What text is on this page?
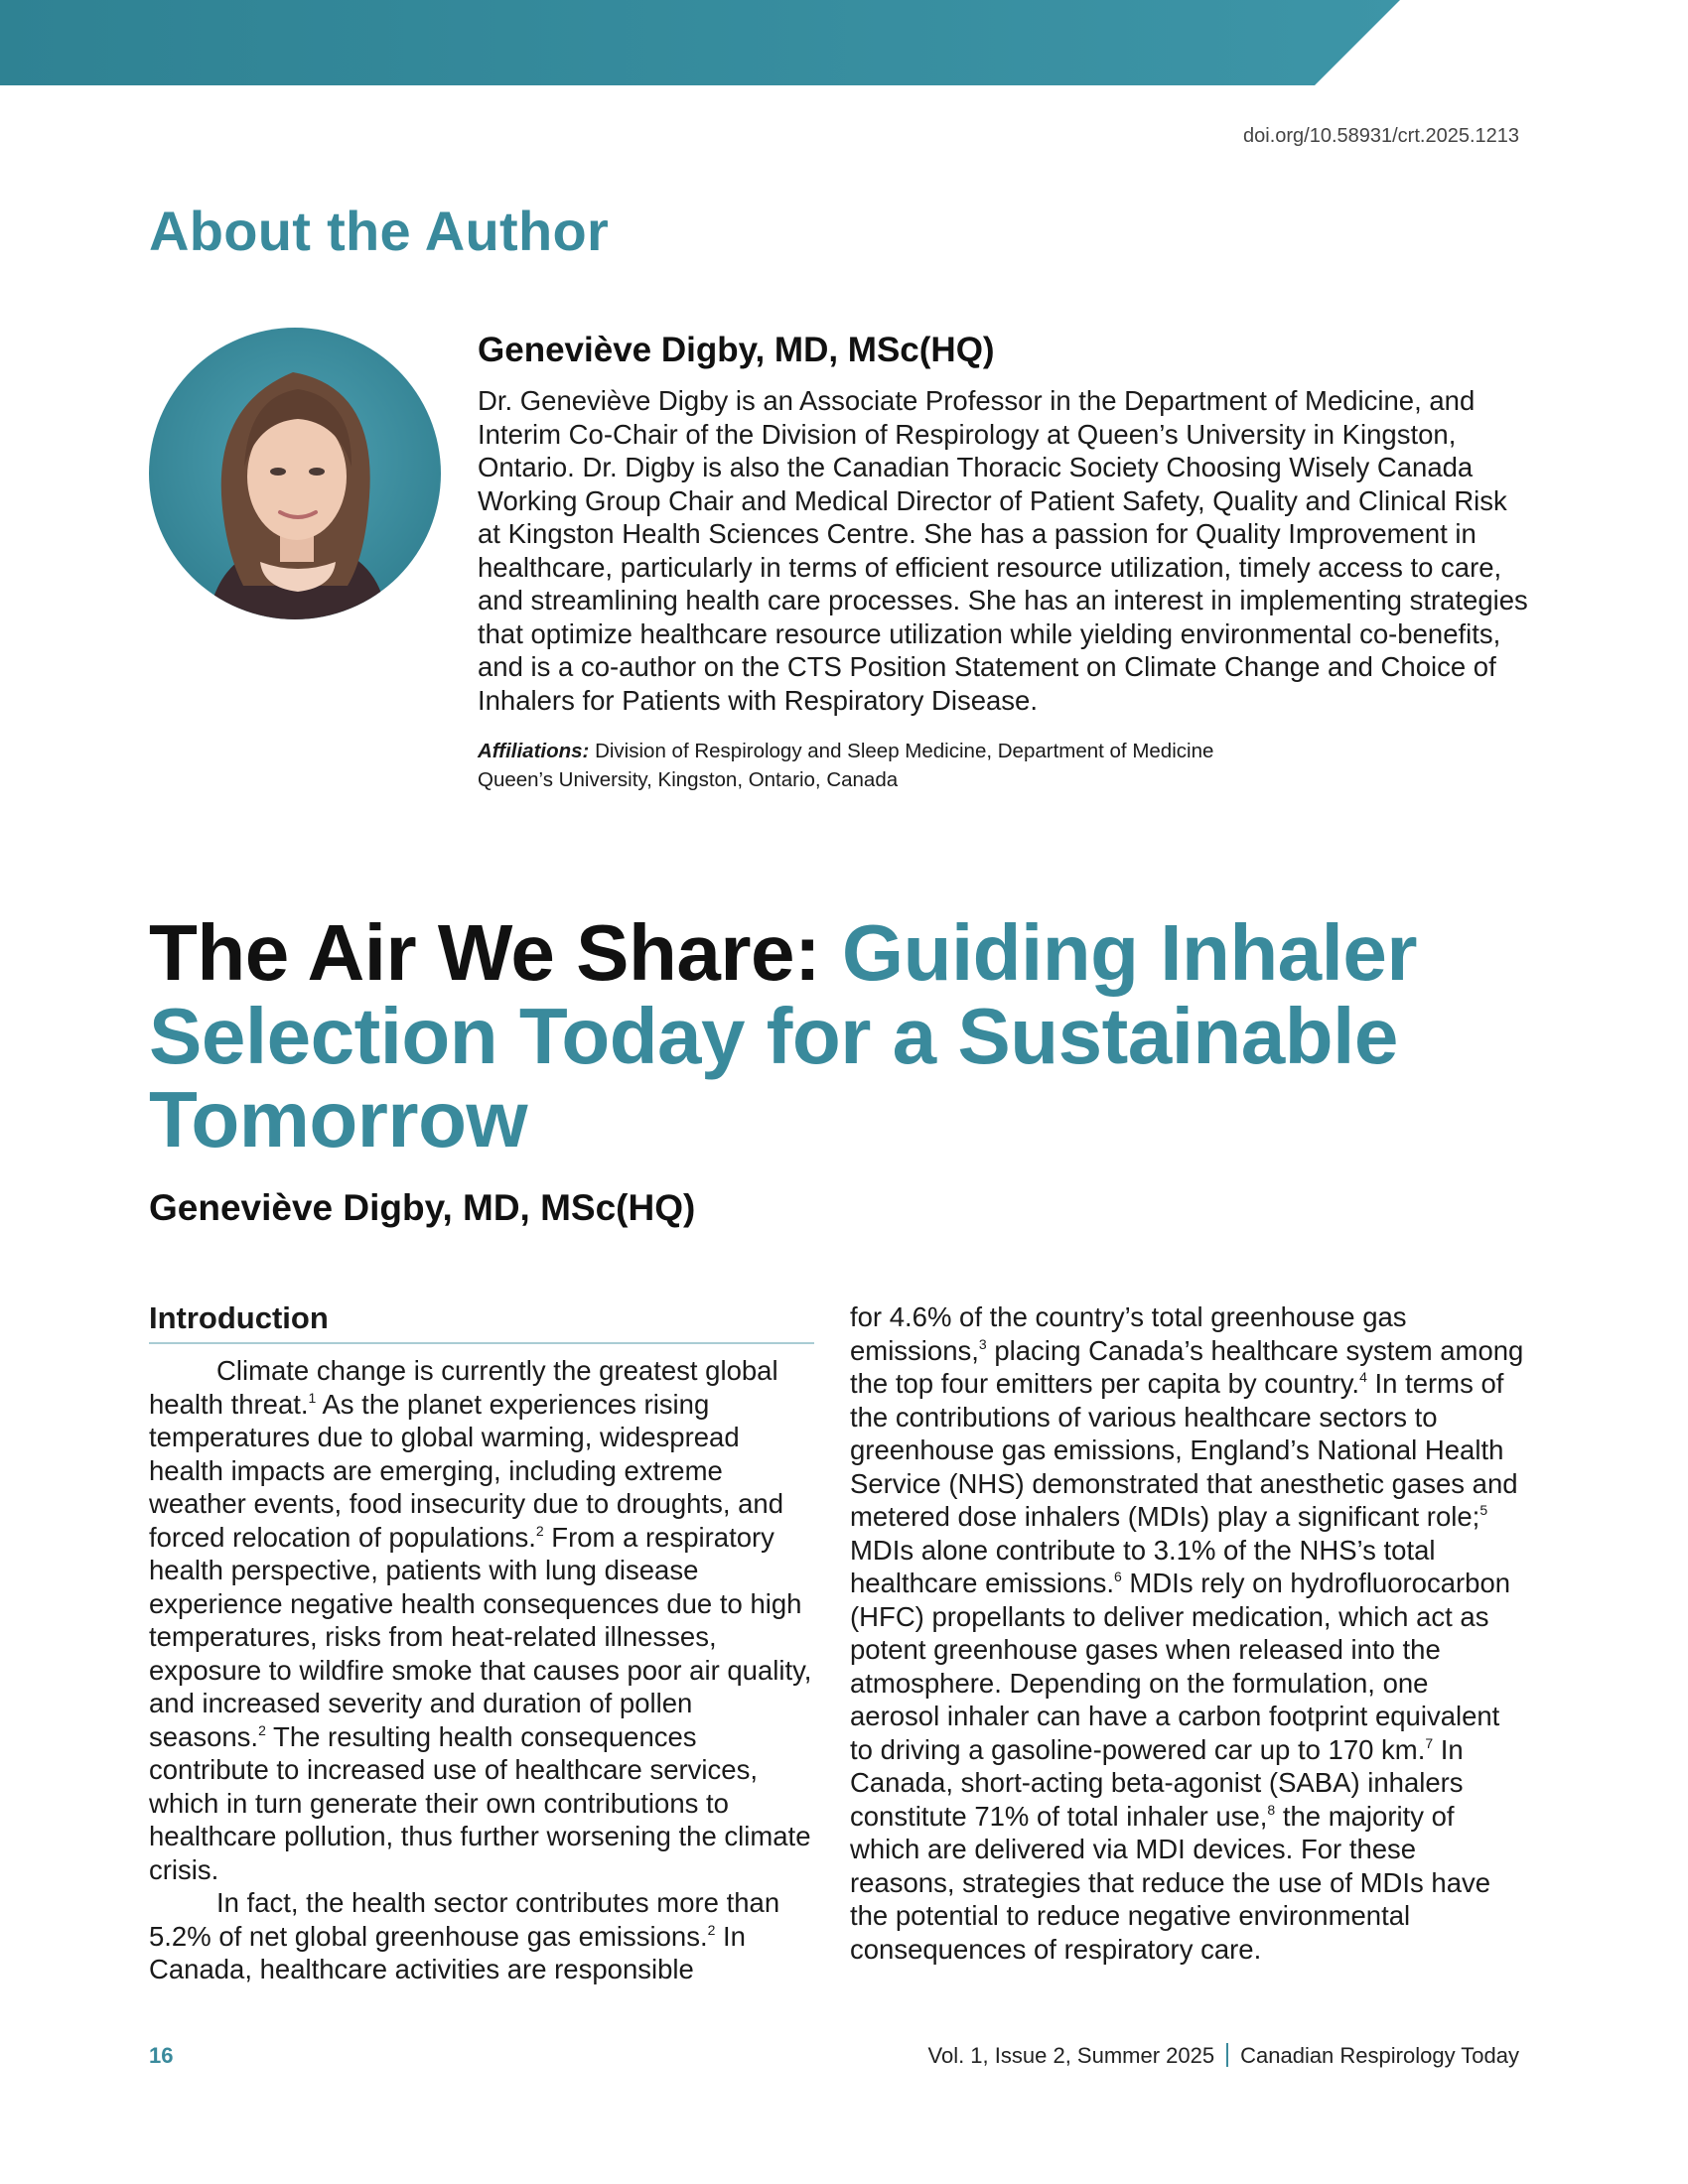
doi.org/10.58931/crt.2025.1213
About the Author
Geneviève Digby, MD, MSc(HQ)

Dr. Geneviève Digby is an Associate Professor in the Department of Medicine, and Interim Co-Chair of the Division of Respirology at Queen’s University in Kingston, Ontario. Dr. Digby is also the Canadian Thoracic Society Choosing Wisely Canada Working Group Chair and Medical Director of Patient Safety, Quality and Clinical Risk at Kingston Health Sciences Centre. She has a passion for Quality Improvement in healthcare, particularly in terms of efficient resource utilization, timely access to care, and streamlining health care processes. She has an interest in implementing strategies that optimize healthcare resource utilization while yielding environmental co-benefits, and is a co-author on the CTS Position Statement on Climate Change and Choice of Inhalers for Patients with Respiratory Disease.

Affiliations: Division of Respirology and Sleep Medicine, Department of Medicine
Queen’s University, Kingston, Ontario, Canada
The Air We Share: Guiding Inhaler Selection Today for a Sustainable Tomorrow
Geneviève Digby, MD, MSc(HQ)
Introduction

Climate change is currently the greatest global health threat.$^1$ As the planet experiences rising temperatures due to global warming, widespread health impacts are emerging, including extreme weather events, food insecurity due to droughts, and forced relocation of populations.$^2$ From a respiratory health perspective, patients with lung disease experience negative health consequences due to high temperatures, risks from heat-related illnesses, exposure to wildfire smoke that causes poor air quality, and increased severity and duration of pollen seasons.$^2$ The resulting health consequences contribute to increased use of healthcare services, which in turn generate their own contributions to healthcare pollution, thus further worsening the climate crisis.

In fact, the health sector contributes more than 5.2% of net global greenhouse gas emissions.$^2$ In Canada, healthcare activities are responsible

for 4.6% of the country’s total greenhouse gas emissions,$^3$ placing Canada’s healthcare system among the top four emitters per capita by country.$^4$ In terms of the contributions of various healthcare sectors to greenhouse gas emissions, England’s National Health Service (NHS) demonstrated that anesthetic gases and metered dose inhalers (MDIs) play a significant role;$^5$ MDIs alone contribute to 3.1% of the NHS’s total healthcare emissions.$^6$ MDIs rely on hydrofluorocarbon (HFC) propellants to deliver medication, which act as potent greenhouse gases when released into the atmosphere. Depending on the formulation, one aerosol inhaler can have a carbon footprint equivalent to driving a gasoline-powered car up to 170 km.$^7$ In Canada, short-acting beta-agonist (SABA) inhalers constitute 71% of total inhaler use,$^8$ the majority of which are delivered via MDI devices. For these reasons, strategies that reduce the use of MDIs have the potential to reduce negative environmental consequences of respiratory care.

16	Vol. 1, Issue 2, Summer 2025 Canadian Respirology Today
